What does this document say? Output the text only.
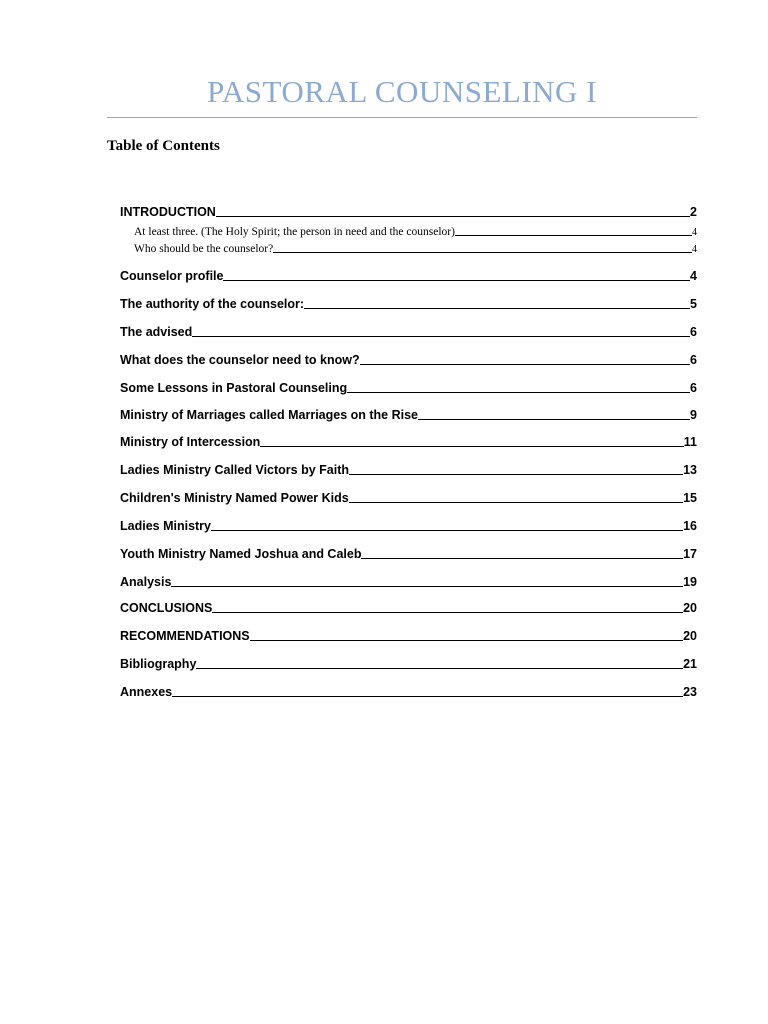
PASTORAL COUNSELING I
Table of Contents
INTRODUCTION	2
At least three. (The Holy Spirit; the person in need and the counselor)	4
Who should be the counselor?	4
Counselor profile	4
The authority of the counselor:	5
The advised	6
What does the counselor need to know?	6
Some Lessons in Pastoral Counseling	6
Ministry of Marriages called Marriages on the Rise	9
Ministry of Intercession	11
Ladies Ministry Called Victors by Faith	13
Children's Ministry Named Power Kids	15
Ladies Ministry	16
Youth Ministry Named Joshua and Caleb	17
Analysis	19
CONCLUSIONS	20
RECOMMENDATIONS	20
Bibliography	21
Annexes	23
